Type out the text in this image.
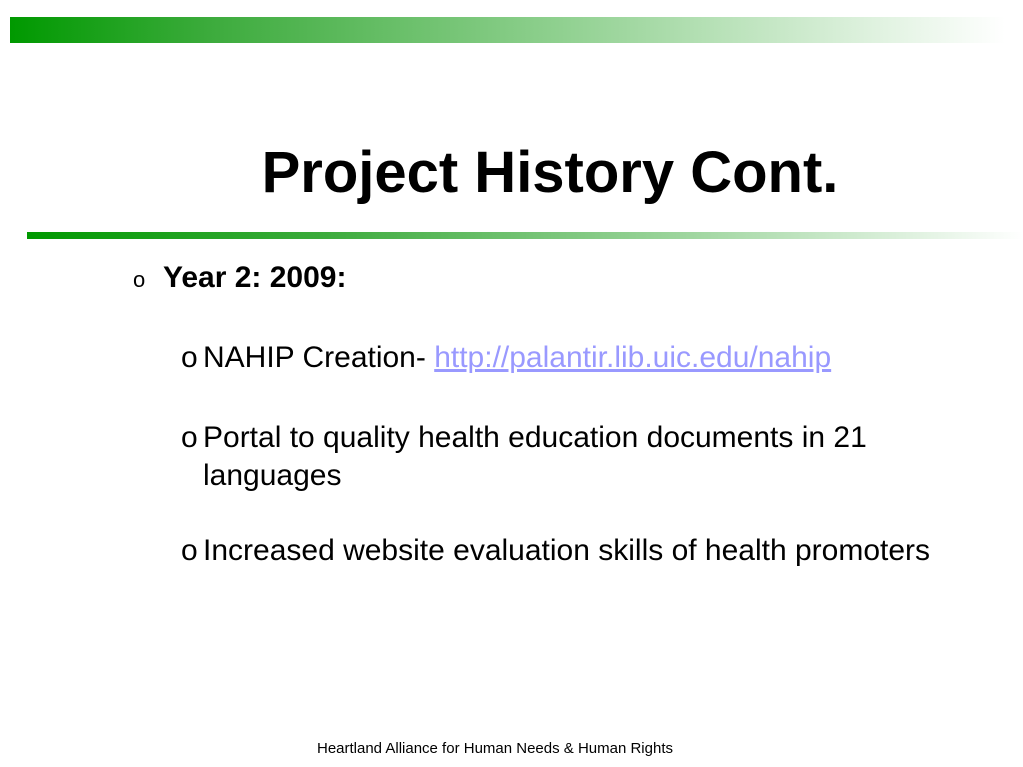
Project History Cont.
o Year 2: 2009:
o NAHIP Creation- http://palantir.lib.uic.edu/nahip
o Portal to quality health education documents in 21 languages
o Increased website evaluation skills of health promoters
Heartland Alliance for Human Needs & Human Rights
